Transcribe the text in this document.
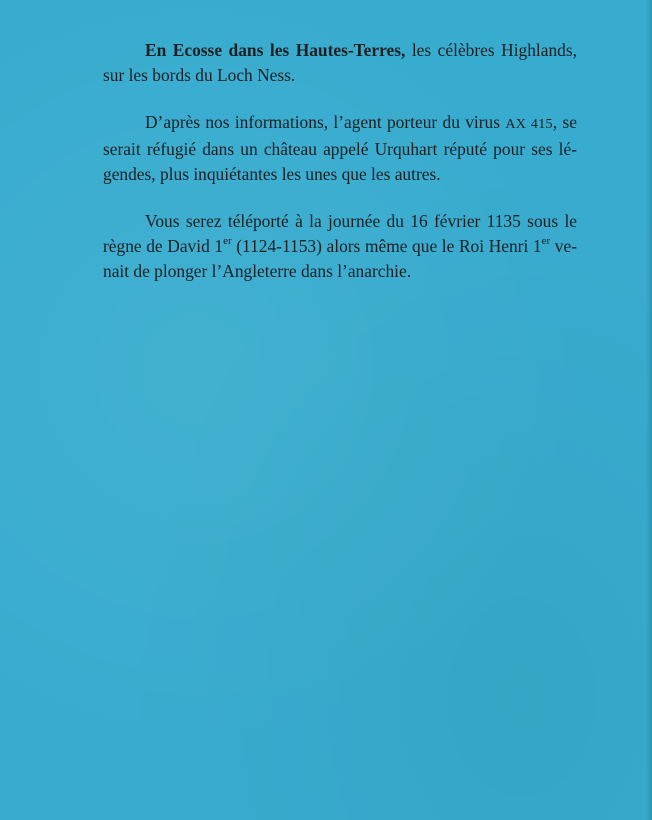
En Ecosse dans les Hautes-Terres, les célèbres Highlands, sur les bords du Loch Ness.

D’après nos informations, l’agent porteur du virus AX 415, se serait réfugié dans un château appelé Urquhart réputé pour ses légendes, plus inquiétantes les unes que les autres.

Vous serez téléporté à la journée du 16 février 1135 sous le règne de David 1er (1124-1153) alors même que le Roi Henri 1er venait de plonger l’Angleterre dans l’anarchie.
